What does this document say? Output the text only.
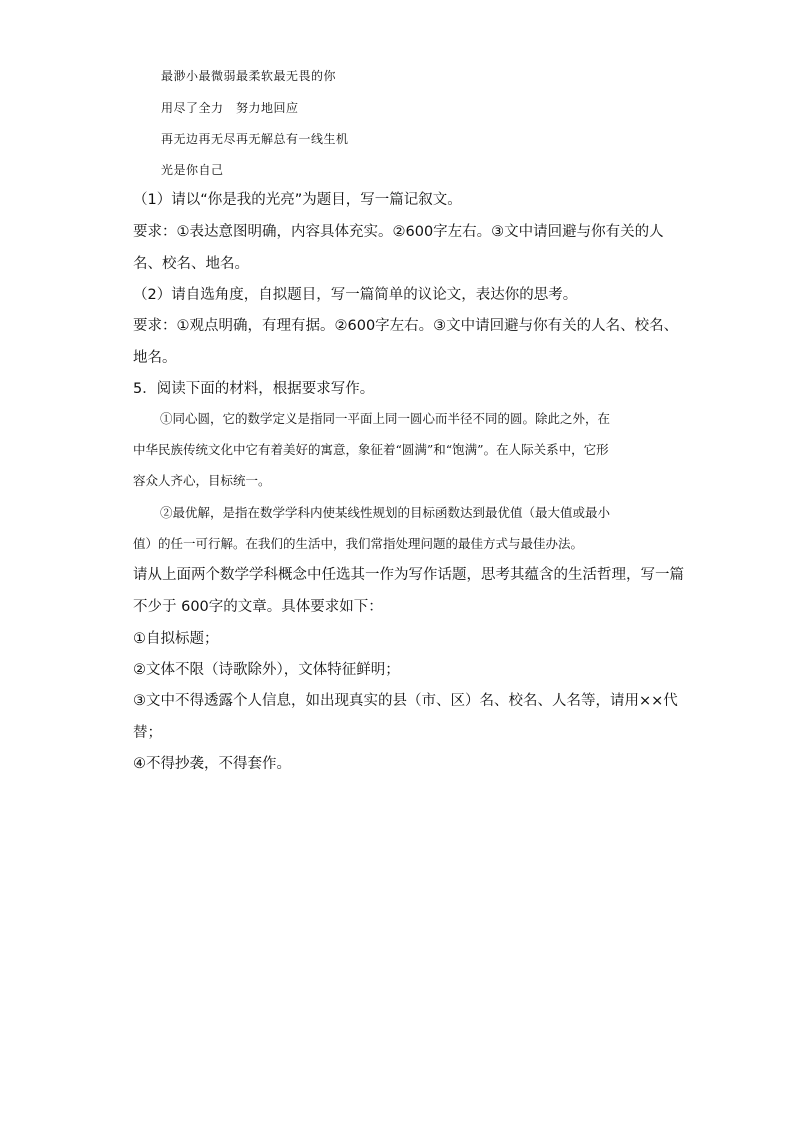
最渺小最微弱最柔软最无畏的你
用尽了全力　努力地回应
再无边再无尽再无解总有一线生机
光是你自己
（1）请以“你是我的光亮”为题目，写一篇记叙文。
要求：①表达意图明确，内容具体充实。②600字左右。③文中请回避与你有关的人
名、校名、地名。
（2）请自选角度，自拟题目，写一篇简单的议论文，表达你的思考。
要求：①观点明确，有理有据。②600字左右。③文中请回避与你有关的人名、校名、
地名。
5．阅读下面的材料，根据要求写作。
①同心圆，它的数学定义是指同一平面上同一圆心而半径不同的圆。除此之外，在
中华民族传统文化中它有着美好的寓意，象征着“圆满”和“饱满”。在人际关系中，它形
容众人齐心，目标统一。
②最优解，是指在数学学科内使某线性规划的目标函数达到最优值（最大值或最小
值）的任一可行解。在我们的生活中，我们常指处理问题的最佳方式与最佳办法。
请从上面两个数学学科概念中任选其一作为写作话题，思考其蕴含的生活哲理，写一篇
不少于 600字的文章。具体要求如下：
①自拟标题；
②文体不限（诗歌除外），文体特征鲜明；
③文中不得透露个人信息，如出现真实的县（市、区）名、校名、人名等，请用××代
替；
④不得抄袭，不得套作。
